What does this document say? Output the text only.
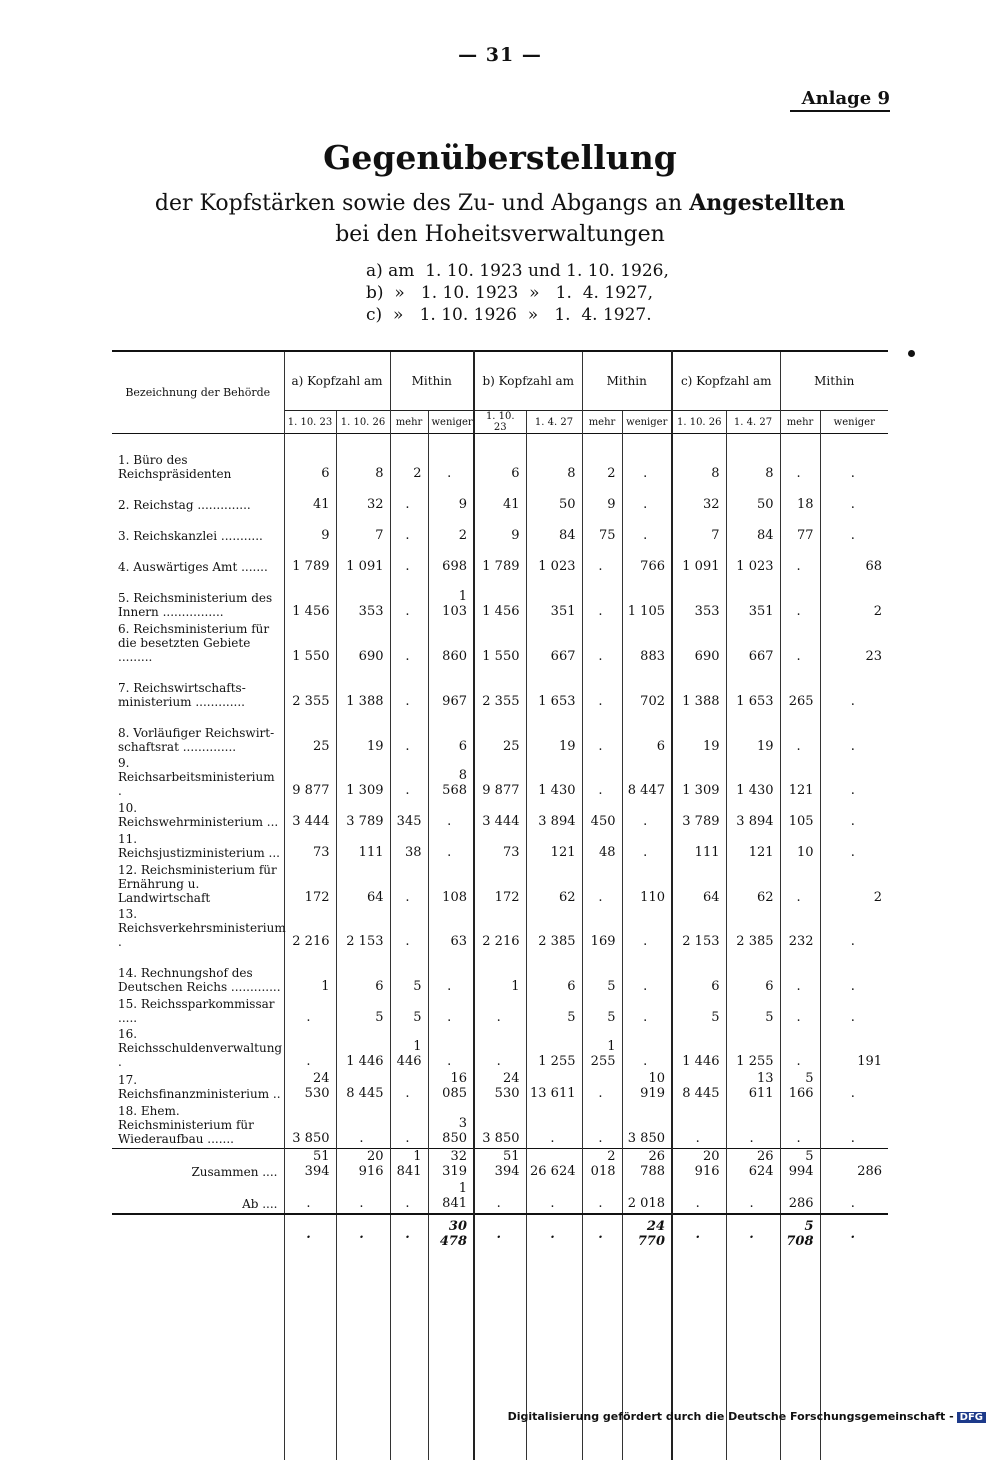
— 31 —
Anlage 9
Gegenüberstellung
der Kopfstärken sowie des Zu- und Abgangs an Angestellten
bei den Hoheitsverwaltungen
a) am  1. 10. 1923 und 1. 10. 1926,
b)  »   1. 10. 1923  »   1.  4. 1927,
c)  »   1. 10. 1926  »   1.  4. 1927.
Bezeichnung der Behörde	a) Kopfzahl am		Mithin		b) Kopfzahl am		Mithin		c) Kopfzahl am		Mithin	
	1. 10. 23	1. 10. 26	mehr	weniger	1. 10. 23	1. 4. 27	mehr	weniger	1. 10. 26	1. 4. 27	mehr	weniger

1. Büro des Reichspräsidenten	6	8	2	.	6	8	2	.	8	8	.	.
2. Reichstag ..............	41	32	.	9	41	50	9	.	32	50	18	.
3. Reichskanzlei ...........	9	7	.	2	9	84	75	.	7	84	77	.
4. Auswärtiges Amt .......	1 789	1 091	.	698	1 789	1 023	.	766	1 091	1 023	.	68
5. Reichsministerium des Innern ................	1 456	353	.	1 103	1 456	351	.	1 105	353	351	.	2
6. Reichsministerium für die besetzten Gebiete .........	1 550	690	.	860	1 550	667	.	883	690	667	.	23
7. Reichswirtschafts-ministerium .............	2 355	1 388	.	967	2 355	1 653	.	702	1 388	1 653	265	.
8. Vorläufiger Reichswirt-schaftsrat ..............	25	19	.	6	25	19	.	6	19	19	.	.
9. Reichsarbeitsministerium .	9 877	1 309	.	8 568	9 877	1 430	.	8 447	1 309	1 430	121	.
10. Reichswehrministerium ...	3 444	3 789	345	.	3 444	3 894	450	.	3 789	3 894	105	.
11. Reichsjustizministerium ...	73	111	38	.	73	121	48	.	111	121	10	.
12. Reichsministerium für Ernährung u. Landwirtschaft	172	64	.	108	172	62	.	110	64	62	.	2
13. Reichsverkehrsministerium .	2 216	2 153	.	63	2 216	2 385	169	.	2 153	2 385	232	.
14. Rechnungshof des Deutschen Reichs .............	1	6	5	.	1	6	5	.	6	6	.	.
15. Reichssparkommissar .....	.	5	5	.	.	5	5	.	5	5	.	.
16. Reichsschuldenverwaltung .	.	1 446	1 446	.	.	1 255	1 255	.	1 446	1 255	.	191
17. Reichsfinanzministerium ..	24 530	8 445	.	16 085	24 530	13 611	.	10 919	8 445	13 611	5 166	.
18. Ehem. Reichsministerium für Wiederaufbau .......	3 850	.	.	3 850	3 850	.	.	3 850	.	.	.	.
Zusammen ....	51 394	20 916	1 841	32 319	51 394	26 624	2 018	26 788	20 916	26 624	5 994	286
Ab ....	.	.	.	1 841	.	.	.	2 018	.	.	286	.
	.	.	.	30 478	.	.	.	24 770	.	.	5 708	.

Digitalisierung gefördert durch die Deutsche Forschungsgemeinschaft - DFG
